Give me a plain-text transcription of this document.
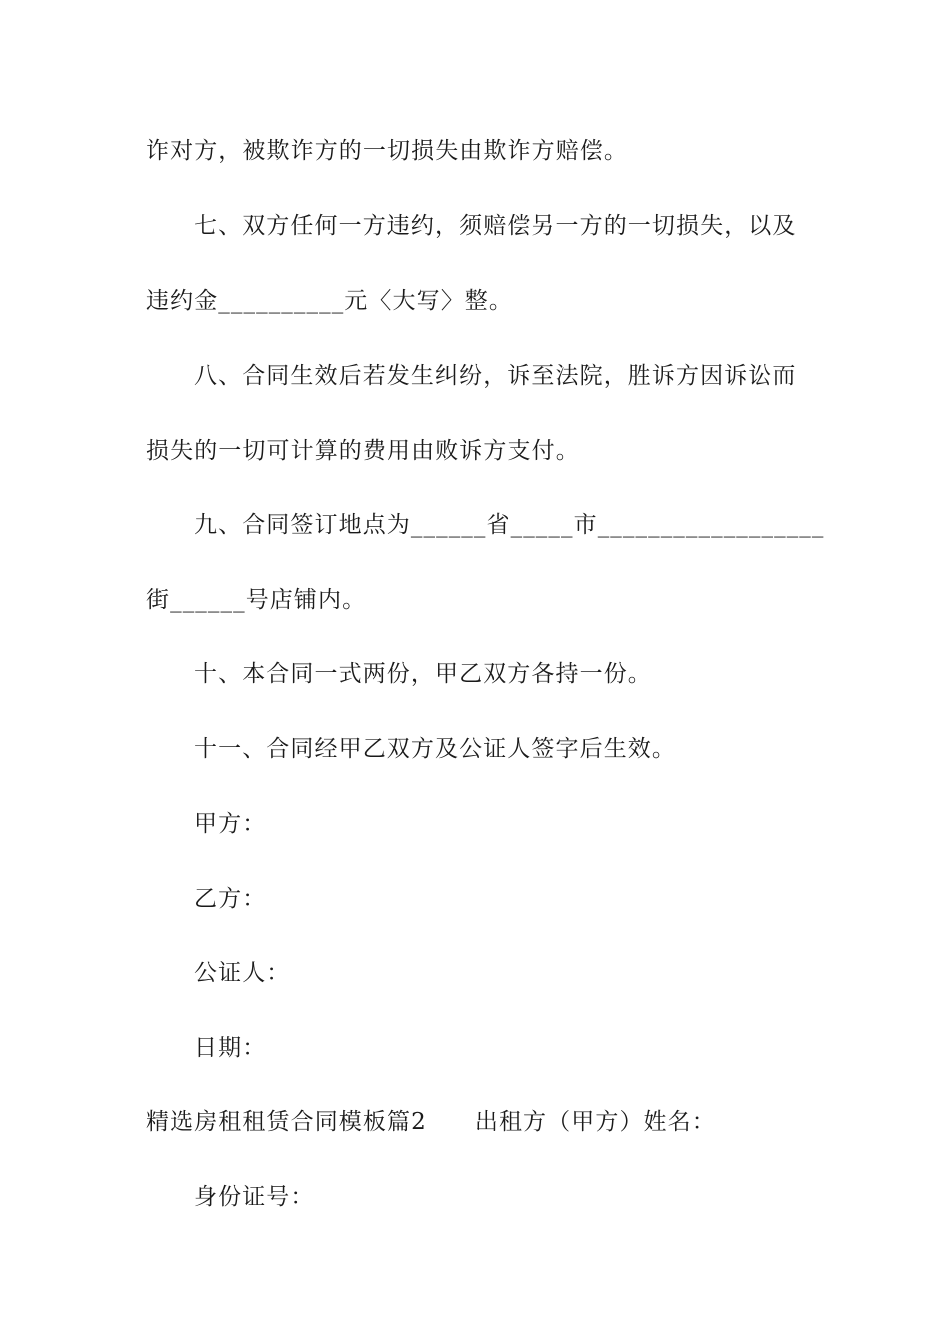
诈对方，被欺诈方的一切损失由欺诈方赔偿。
七、双方任何一方违约，须赔偿另一方的一切损失，以及
违约金__________元〈大写〉整。
八、合同生效后若发生纠纷，诉至法院，胜诉方因诉讼而
损失的一切可计算的费用由败诉方支付。
九、合同签订地点为______省_____市__________________
街______号店铺内。
十、本合同一式两份，甲乙双方各持一份。
十一、合同经甲乙双方及公证人签字后生效。
甲方：
乙方：
公证人：
日期：
精选房租租赁合同模板篇2 出租方（甲方）姓名：
身份证号：
